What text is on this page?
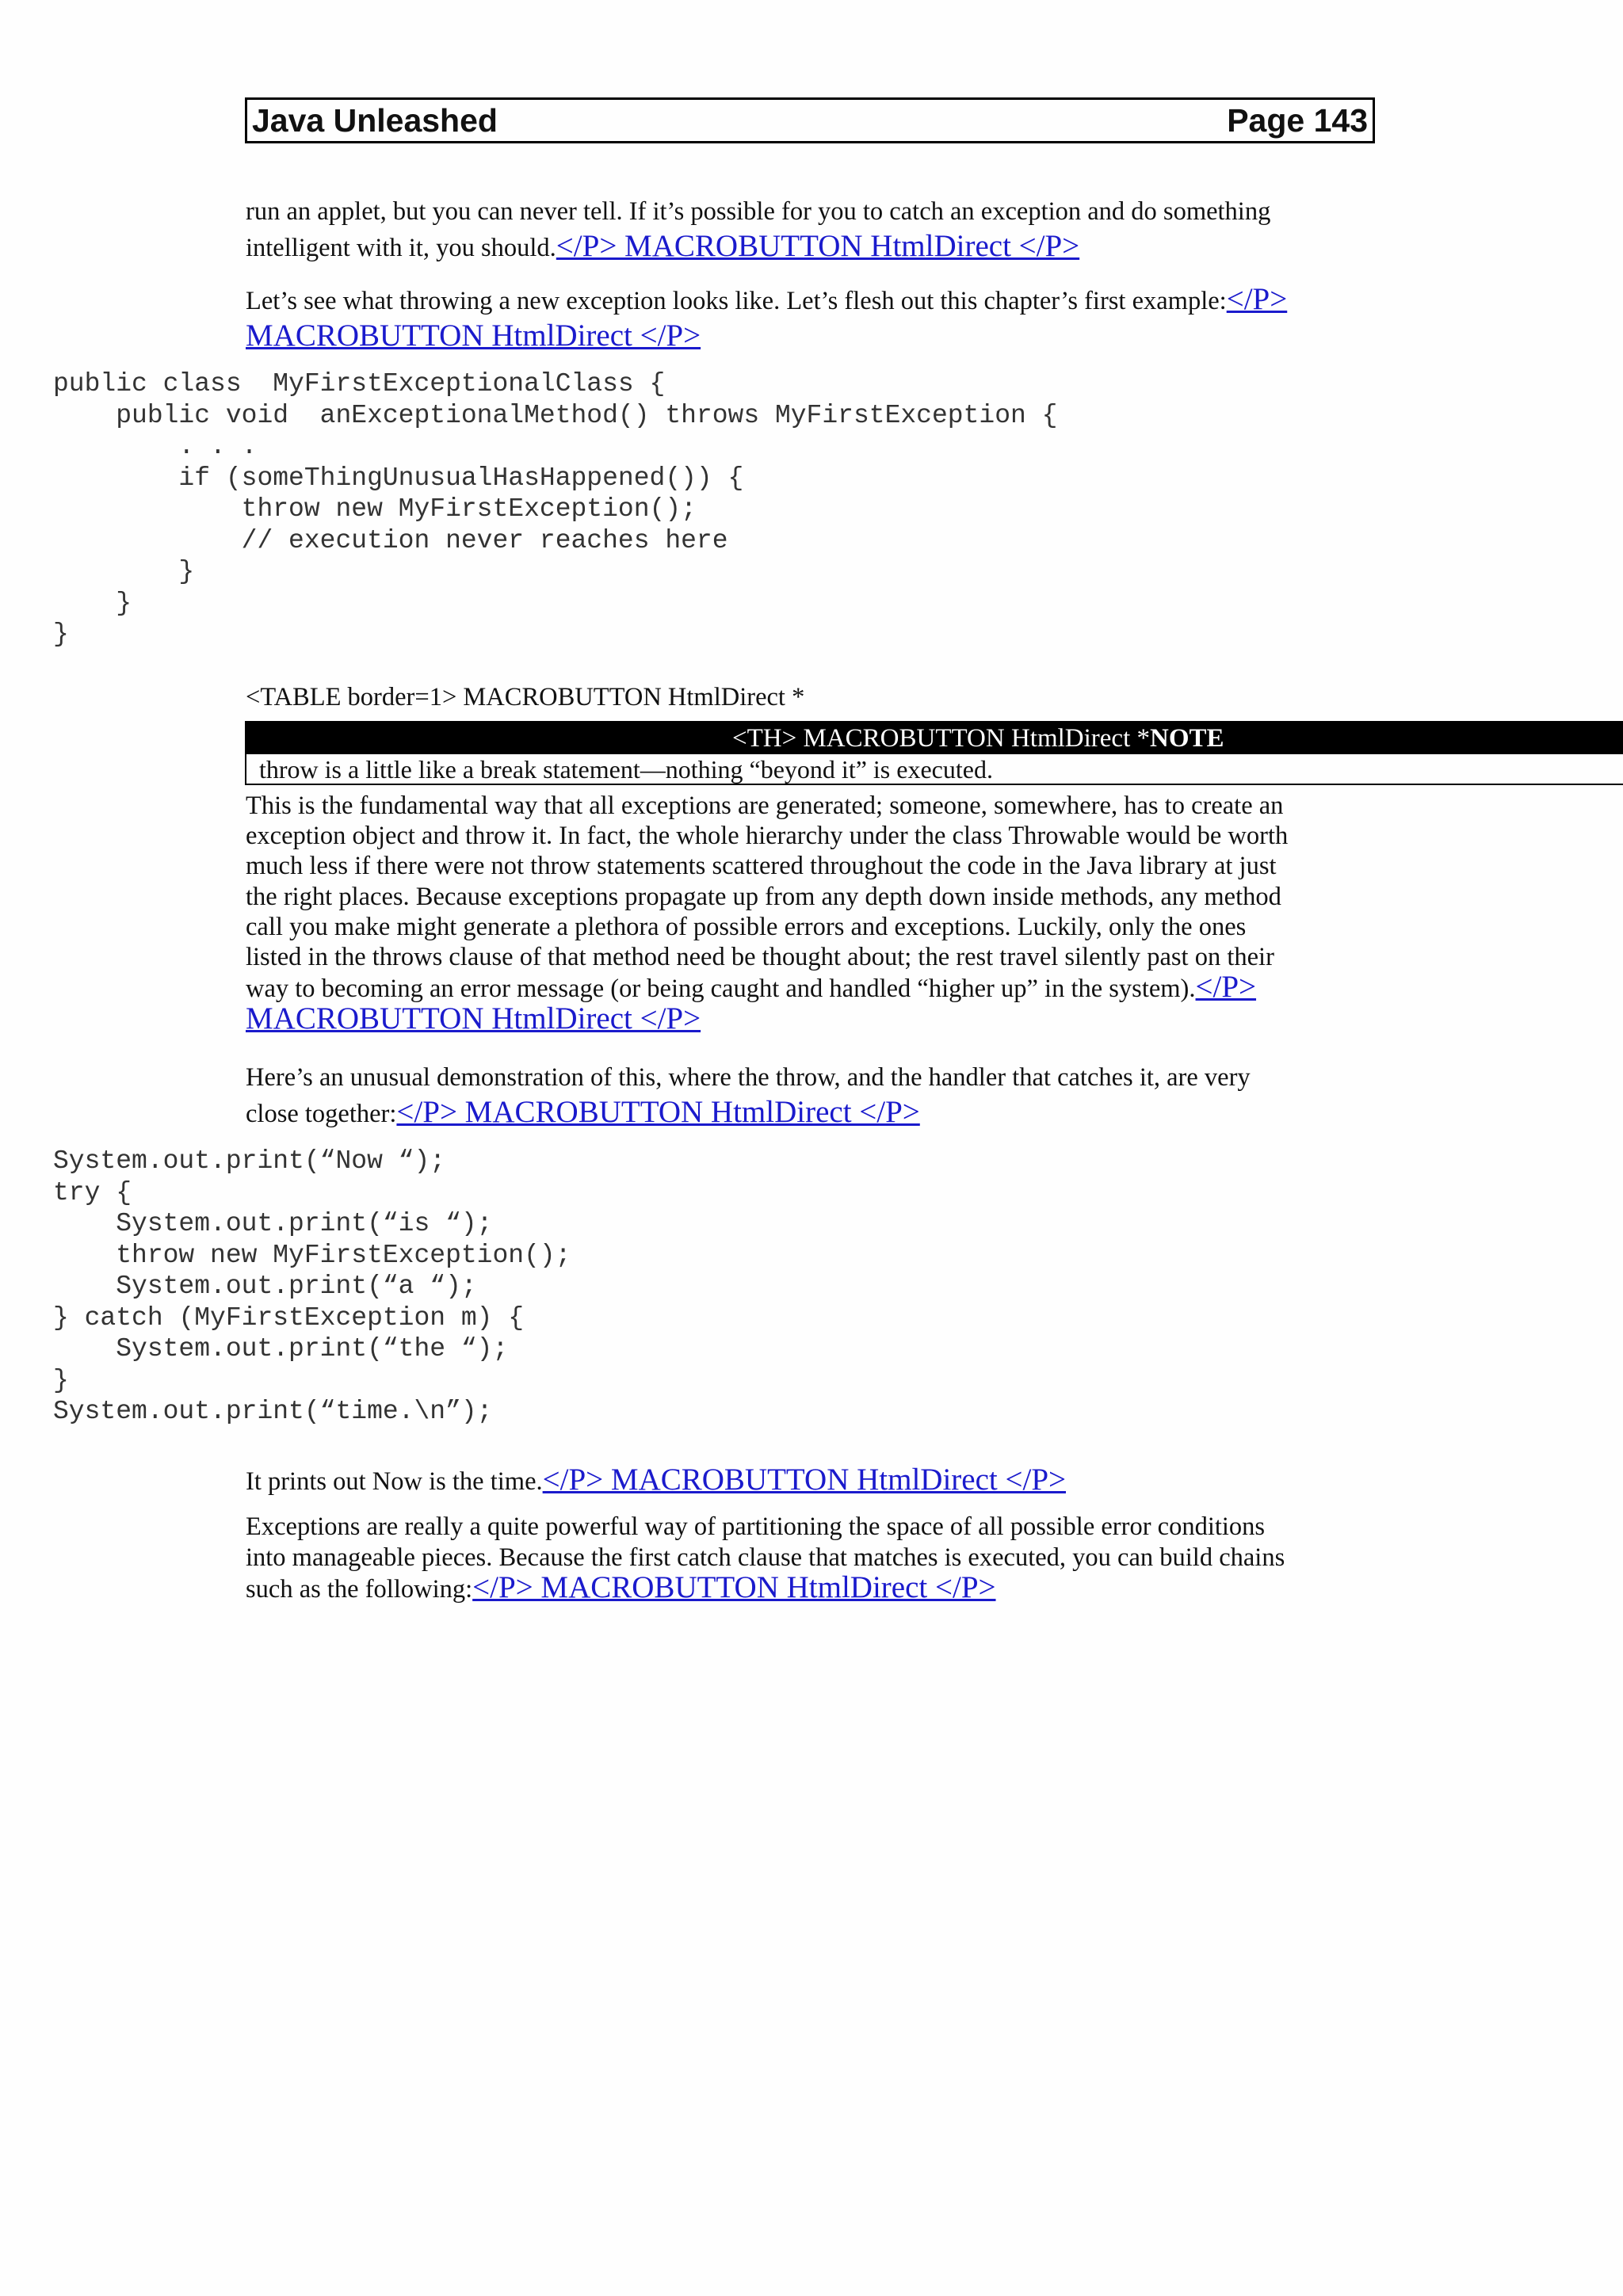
Java Unleashed	Page 143

run an applet, but you can never tell. If it’s possible for you to catch an exception and do something
intelligent with it, you should.</P> MACROBUTTON HtmlDirect </P>

Let’s see what throwing a new exception looks like. Let’s flesh out this chapter’s first example:</P>
MACROBUTTON HtmlDirect </P>

public class  MyFirstExceptionalClass {
public void  anExceptionalMethod() throws MyFirstException {
. . .
if (someThingUnusualHasHappened()) {
throw new MyFirstException();
// execution never reaches here
}
}
}
<TABLE border=1> MACROBUTTON HtmlDirect *
<TH> MACROBUTTON HtmlDirect * NOTE
throw is a little like a break statement—nothing “beyond it” is executed.

This is the fundamental way that all exceptions are generated; someone, somewhere, has to create an
exception object and throw it. In fact, the whole hierarchy under the class Throwable would be worth
much less if there were not throw statements scattered throughout the code in the Java library at just
the right places. Because exceptions propagate up from any depth down inside methods, any method
call you make might generate a plethora of possible errors and exceptions. Luckily, only the ones
listed in the throws clause of that method need be thought about; the rest travel silently past on their
way to becoming an error message (or being caught and handled “higher up” in the system).</P>
MACROBUTTON HtmlDirect </P>

Here’s an unusual demonstration of this, where the throw, and the handler that catches it, are very
close together:</P> MACROBUTTON HtmlDirect </P>

System.out.print(“Now “);
try {
System.out.print(“is “);
throw new MyFirstException();
System.out.print(“a “);
} catch (MyFirstException m) {
System.out.print(“the “);
}
System.out.print(“time.\n”);

It prints out Now is the time.</P> MACROBUTTON HtmlDirect </P>

Exceptions are really a quite powerful way of partitioning the space of all possible error conditions
into manageable pieces. Because the first catch clause that matches is executed, you can build chains
such as the following:</P> MACROBUTTON HtmlDirect </P>
